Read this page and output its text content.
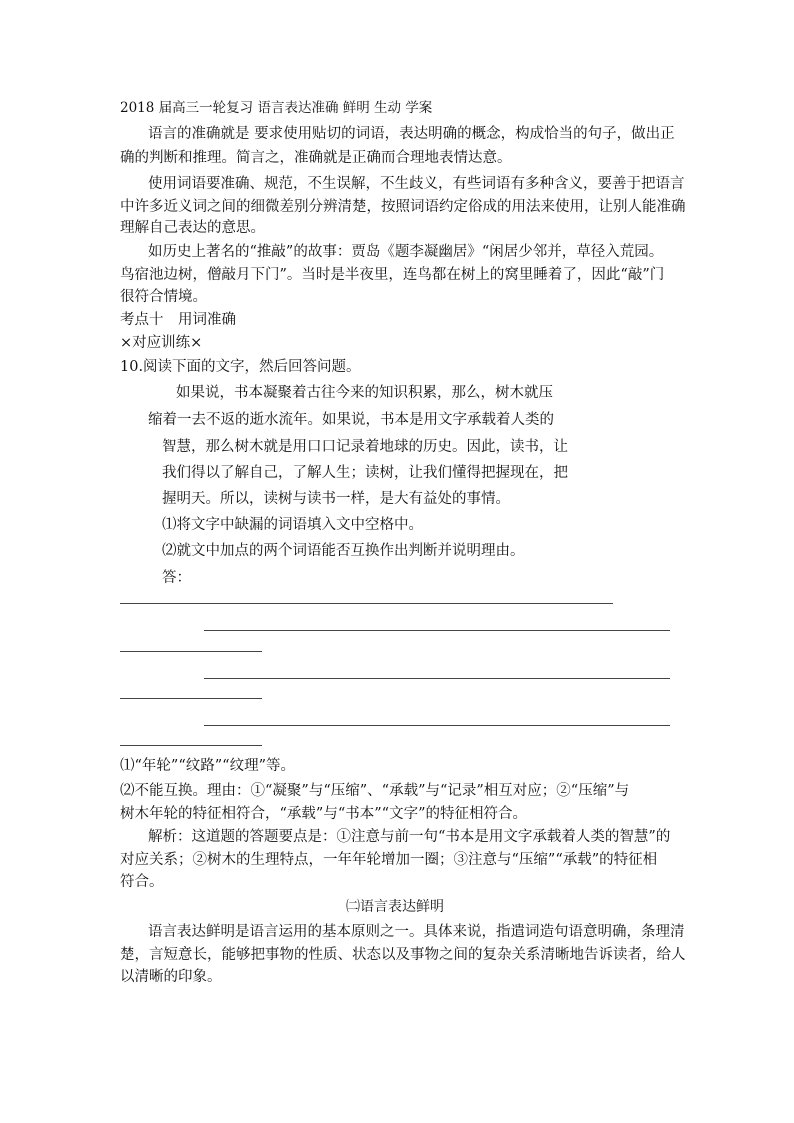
2018 届高三一轮复习 语言表达准确 鲜明 生动 学案
语言的准确就是 要求使用贴切的词语，表达明确的概念，构成恰当的句子，做出正
确的判断和推理。简言之，准确就是正确而合理地表情达意。
使用词语要准确、规范，不生误解，不生歧义，有些词语有多种含义，要善于把语言
中许多近义词之间的细微差别分辨清楚，按照词语约定俗成的用法来使用，让别人能准确
理解自己表达的意思。
如历史上著名的“推敲”的故事：贾岛《题李凝幽居》“闲居少邻并，草径入荒园。
鸟宿池边树，僧敲月下门”。当时是半夜里，连鸟都在树上的窝里睡着了，因此“敲”门
很符合情境。
考点十　用词准确
⨯对应训练⨯
10.阅读下面的文字，然后回答问题。
如果说，书本凝聚着古往今来的知识积累，那么，树木就压
缩着一去不返的逝水流年。如果说，书本是用文字承载着人类的
智慧，那么树木就是用口口记录着地球的历史。因此，读书，让
我们得以了解自己，了解人生；读树，让我们懂得把握现在，把
握明天。所以，读树与读书一样，是大有益处的事情。
⑴将文字中缺漏的词语填入文中空格中。
⑵就文中加点的两个词语能否互换作出判断并说明理由。
答：
⑴“年轮”“纹路”“纹理”等。
⑵不能互换。理由：①“凝聚”与“压缩”、“承载”与“记录”相互对应；②“压缩”与
树木年轮的特征相符合，“承载”与“书本”“文字”的特征相符合。
解析：这道题的答题要点是：①注意与前一句“书本是用文字承载着人类的智慧”的
对应关系；②树木的生理特点，一年年轮增加一圈；③注意与“压缩”“承载”的特征相
符合。
㈡语言表达鲜明
语言表达鲜明是语言运用的基本原则之一。具体来说，指遣词造句语意明确，条理清
楚，言短意长，能够把事物的性质、状态以及事物之间的复杂关系清晰地告诉读者，给人
以清晰的印象。
